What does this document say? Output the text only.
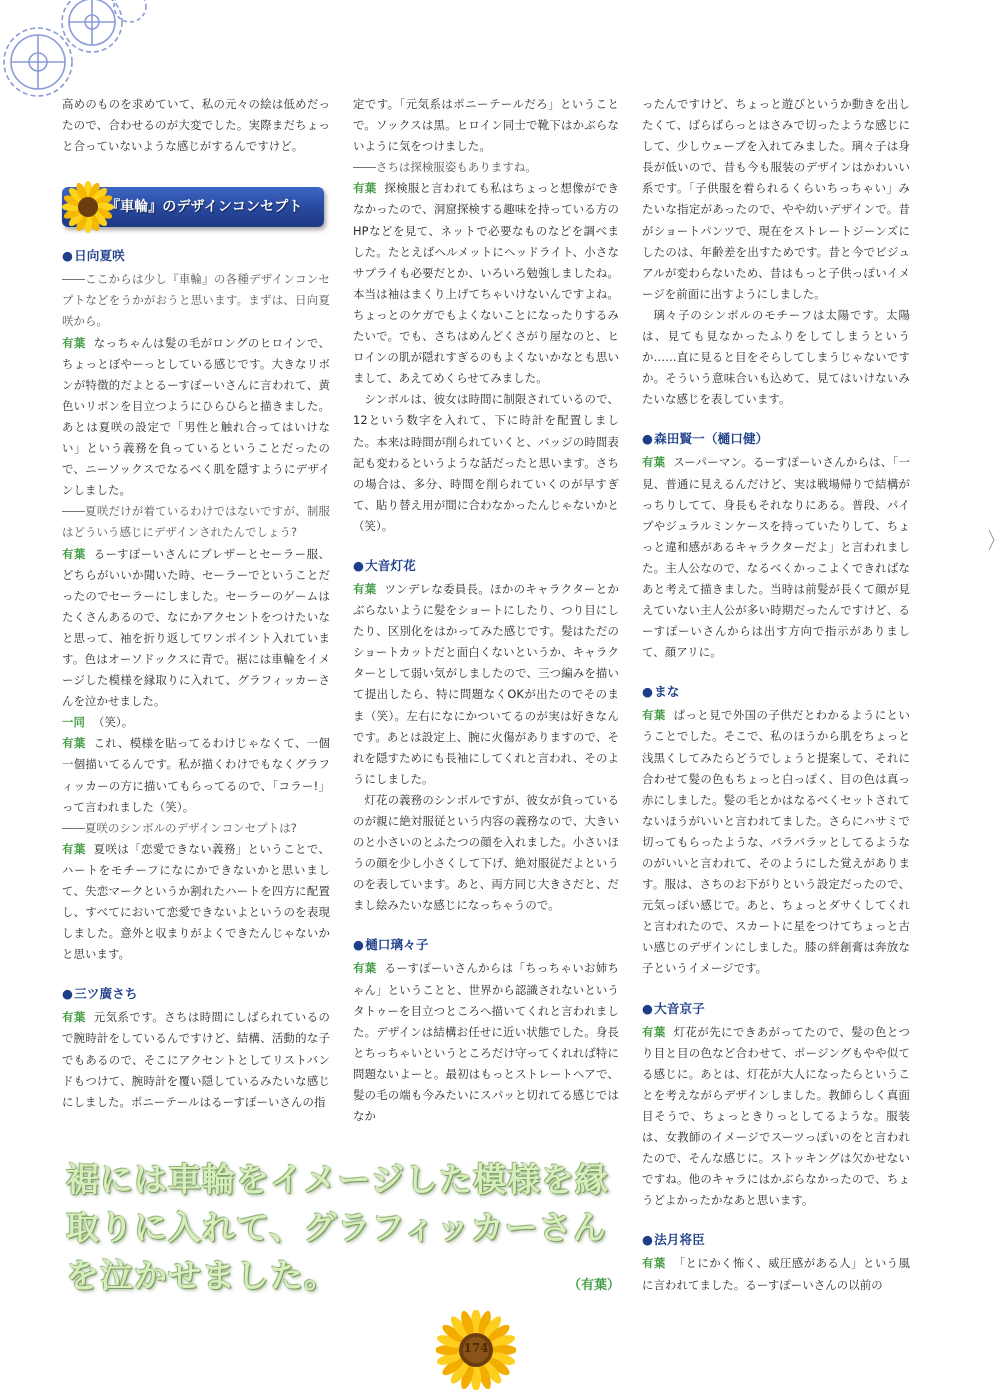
高めのものを求めていて、私の元々の絵は低めだったので、合わせるのが大変でした。実際まだちょっと合っていないような感じがするんですけど。

『車輪』のデザインコンセプト
●日向夏咲

――ここからは少し『車輪』の各種デザインコンセプトなどをうかがおうと思います。まずは、日向夏咲から。

有葉 なっちゃんは髪の毛がロングのヒロインで、ちょっとぼやーっとしている感じです。大きなリボンが特徴的だよとるーすぽーいさんに言われて、黄色いリボンを目立つようにひらひらと描きました。あとは夏咲の設定で「男性と触れ合ってはいけない」という義務を負っているということだったので、ニーソックスでなるべく肌を隠すようにデザインしました。

――夏咲だけが着ているわけではないですが、制服はどういう感じにデザインされたんでしょう?

有葉 るーすぽーいさんにブレザーとセーラー服、どちらがいいか聞いた時、セーラーでということだったのでセーラーにしました。セーラーのゲームはたくさんあるので、なにかアクセントをつけたいなと思って、袖を折り返してワンポイント入れています。色はオーソドックスに青で。裾には車輪をイメージした模様を縁取りに入れて、グラフィッカーさんを泣かせました。

一同 （笑）。

有葉 これ、模様を貼ってるわけじゃなくて、一個一個描いてるんです。私が描くわけでもなくグラフィッカーの方に描いてもらってるので、「コラー!」って言われました（笑）。

――夏咲のシンボルのデザインコンセプトは?

有葉 夏咲は「恋愛できない義務」ということで、ハートをモチーフになにかできないかと思いまして、失恋マークというか割れたハートを四方に配置し、すべてにおいて恋愛できないよというのを表現しました。意外と収まりがよくできたんじゃないかと思います。

●三ツ廣さち

有葉 元気系です。さちは時間にしばられているので腕時計をしているんですけど、結構、活動的な子でもあるので、そこにアクセントとしてリストバンドもつけて、腕時計を覆い隠しているみたいな感じにしました。ポニーテールはるーすぽーいさんの指

定です。「元気系はポニーテールだろ」ということで。ソックスは黒。ヒロイン同士で靴下はかぶらないように気をつけました。

――さちは探検服姿もありますね。

有葉 探検服と言われても私はちょっと想像ができなかったので、洞窟探検する趣味を持っている方のHPなどを見て、ネットで必要なものなどを調べました。たとえばヘルメットにヘッドライト、小さなサプライも必要だとか、いろいろ勉強しましたね。本当は袖はまくり上げてちゃいけないんですよね。ちょっとのケガでもよくないことになったりするみたいで。でも、さちはめんどくさがり屋なのと、ヒロインの肌が隠れすぎるのもよくないかなとも思いまして、あえてめくらせてみました。

シンボルは、彼女は時間に制限されているので、12という数字を入れて、下に時計を配置しました。本来は時間が削られていくと、バッジの時間表記も変わるというような話だったと思います。さちの場合は、多分、時間を削られていくのが早すぎて、貼り替え用が間に合わなかったんじゃないかと（笑）。

●大音灯花

有葉 ツンデレな委員長。ほかのキャラクターとかぶらないように髪をショートにしたり、つり目にしたり、区別化をはかってみた感じです。髪はただのショートカットだと面白くないというか、キャラクターとして弱い気がしましたので、三つ編みを描いて提出したら、特に問題なくOKが出たのでそのまま（笑）。左右になにかついてるのが実は好きなんです。あとは設定上、腕に火傷がありますので、それを隠すためにも長袖にしてくれと言われ、そのようにしました。

灯花の義務のシンボルですが、彼女が負っているのが親に絶対服従という内容の義務なので、大きいのと小さいのとふたつの顔を入れました。小さいほうの顔を少し小さくして下げ、絶対服従だよというのを表しています。あと、両方同じ大きさだと、だまし絵みたいな感じになっちゃうので。

●樋口璃々子

有葉 るーすぽーいさんからは「ちっちゃいお姉ちゃん」ということと、世界から認識されないというタトゥーを目立つところへ描いてくれと言われました。デザインは結構お任せに近い状態でした。身長とちっちゃいというところだけ守ってくれれば特に問題ないよーと。最初はもっとストレートヘアで、髪の毛の端も今みたいにスパッと切れてる感じではなか

ったんですけど、ちょっと遊びというか動きを出したくて、ばらばらっとはさみで切ったような感じにして、少しウェーブを入れてみました。璃々子は身長が低いので、昔も今も服装のデザインはかわいい系です。「子供服を着られるくらいちっちゃい」みたいな指定があったので、やや幼いデザインで。昔がショートパンツで、現在をストレートジーンズにしたのは、年齢差を出すためです。昔と今でビジュアルが変わらないため、昔はもっと子供っぽいイメージを前面に出すようにしました。

璃々子のシンボルのモチーフは太陽です。太陽は、見ても見なかったふりをしてしまうというか……直に見ると目をそらしてしまうじゃないですか。そういう意味合いも込めて、見てはいけないみたいな感じを表しています。

●森田賢一（樋口健）

有葉 スーパーマン。るーすぽーいさんからは、「一見、普通に見えるんだけど、実は戦場帰りで結構がっちりしてて、身長もそれなりにある。普段、パイプやジュラルミンケースを持っていたりして、ちょっと違和感があるキャラクターだよ」と言われました。主人公なので、なるべくかっこよくできればなあと考えて描きました。当時は前髪が長くて顔が見えていない主人公が多い時期だったんですけど、るーすぽーいさんからは出す方向で指示がありまして、顔アリに。

●まな

有葉 ぱっと見で外国の子供だとわかるようにということでした。そこで、私のほうから肌をちょっと浅黒くしてみたらどうでしょうと提案して、それに合わせて髪の色もちょっと白っぽく、目の色は真っ赤にしました。髪の毛とかはなるべくセットされてないほうがいいと言われてました。さらにハサミで切ってもらったような、バラバラッとしてるようなのがいいと言われて、そのようにした覚えがあります。服は、さちのお下がりという設定だったので、元気っぽい感じで。あと、ちょっとダサくしてくれと言われたので、スカートに星をつけてちょっと古い感じのデザインにしました。膝の絆創膏は奔放な子というイメージです。

●大音京子

有葉 灯花が先にできあがってたので、髪の色とつり目と目の色など合わせて、ポージングもやや似てる感じに。あとは、灯花が大人になったらということを考えながらデザインしました。教師らしく真面目そうで、ちょっときりっとしてるような。服装は、女教師のイメージでスーツっぽいのをと言われたので、そんな感じに。ストッキングは欠かせないですね。他のキャラにはかぶらなかったので、ちょうどよかったかなあと思います。

●法月将臣

有葉 「とにかく怖く、威圧感がある人」という風に言われてました。るーすぽーいさんの以前の

裾には車輪をイメージした模様を縁取りに入れて、グラフィッカーさんを泣かせました。	（有葉）
174
